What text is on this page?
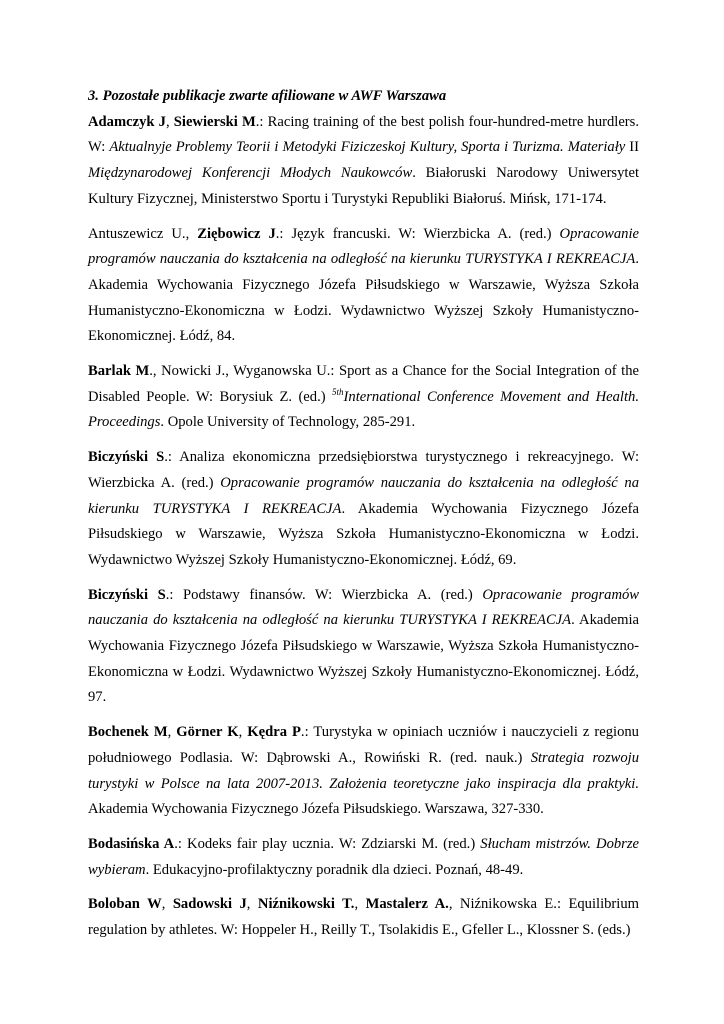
3. Pozostałe publikacje zwarte afiliowane w AWF Warszawa

Adamczyk J, Siewierski M.: Racing training of the best polish four-hundred-metre hurdlers. W: Aktualnyje Problemy Teorii i Metodyki Fiziczeskoj Kultury, Sporta i Turizma. Materiały II Międzynarodowej Konferencji Młodych Naukowców. Białoruski Narodowy Uniwersytet Kultury Fizycznej, Ministerstwo Sportu i Turystyki Republiki Białoruś. Mińsk, 171-174.

Antuszewicz U., Ziębowicz J.: Język francuski. W: Wierzbicka A. (red.) Opracowanie programów nauczania do kształcenia na odległość na kierunku TURYSTYKA I REKREACJA. Akademia Wychowania Fizycznego Józefa Piłsudskiego w Warszawie, Wyższa Szkoła Humanistyczno-Ekonomiczna w Łodzi. Wydawnictwo Wyższej Szkoły Humanistyczno-Ekonomicznej. Łódź, 84.

Barlak M., Nowicki J., Wyganowska U.: Sport as a Chance for the Social Integration of the Disabled People. W: Borysiuk Z. (ed.) $^{5th}$International Conference Movement and Health. Proceedings. Opole University of Technology, 285-291.

Biczyński S.: Analiza ekonomiczna przedsiębiorstwa turystycznego i rekreacyjnego. W: Wierzbicka A. (red.) Opracowanie programów nauczania do kształcenia na odległość na kierunku TURYSTYKA I REKREACJA. Akademia Wychowania Fizycznego Józefa Piłsudskiego w Warszawie, Wyższa Szkoła Humanistyczno-Ekonomiczna w Łodzi. Wydawnictwo Wyższej Szkoły Humanistyczno-Ekonomicznej. Łódź, 69.

Biczyński S.: Podstawy finansów. W: Wierzbicka A. (red.) Opracowanie programów nauczania do kształcenia na odległość na kierunku TURYSTYKA I REKREACJA. Akademia Wychowania Fizycznego Józefa Piłsudskiego w Warszawie, Wyższa Szkoła Humanistyczno-Ekonomiczna w Łodzi. Wydawnictwo Wyższej Szkoły Humanistyczno-Ekonomicznej. Łódź, 97.

Bochenek M, Görner K, Kędra P.: Turystyka w opiniach uczniów i nauczycieli z regionu południowego Podlasia. W: Dąbrowski A., Rowiński R. (red. nauk.) Strategia rozwoju turystyki w Polsce na lata 2007-2013. Założenia teoretyczne jako inspiracja dla praktyki. Akademia Wychowania Fizycznego Józefa Piłsudskiego. Warszawa, 327-330.

Bodasińska A.: Kodeks fair play ucznia. W: Zdziarski M. (red.) Słucham mistrzów. Dobrze wybieram. Edukacyjno-profilaktyczny poradnik dla dzieci. Poznań, 48-49.

Boloban W, Sadowski J, Niźnikowski T., Mastalerz A., Niźnikowska E.: Equilibrium regulation by athletes. W: Hoppeler H., Reilly T., Tsolakidis E., Gfeller L., Klossner S. (eds.)
